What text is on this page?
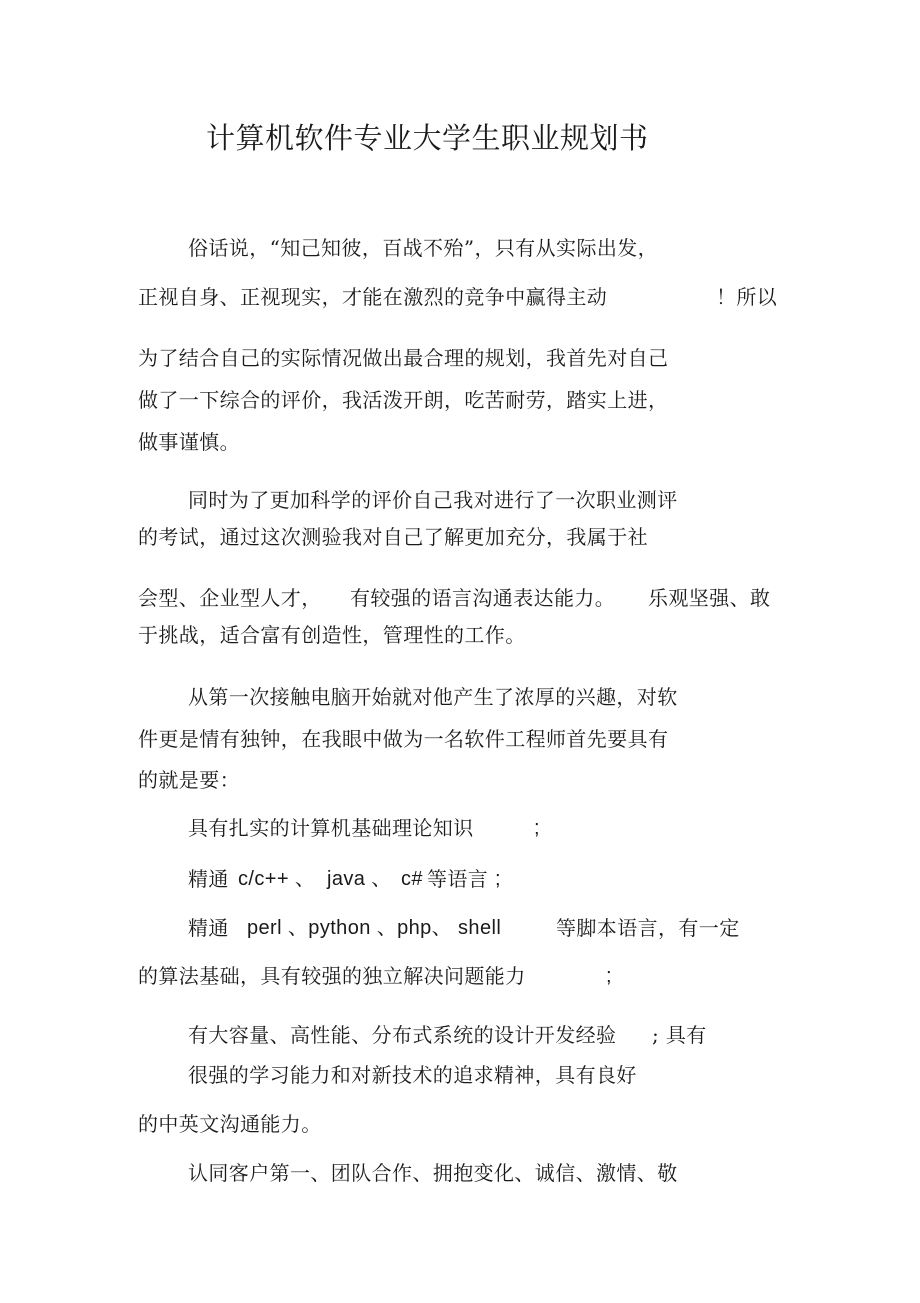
计算机软件专业大学生职业规划书
俗话说，“知己知彼，百战不殆”，只有从实际出发，
正视自身、正视现实，才能在激烈的竞争中赢得主动	！所以
为了结合自己的实际情况做出最合理的规划，我首先对自己
做了一下综合的评价，我活泼开朗，吃苦耐劳，踏实上进，
做事谨慎。
同时为了更加科学的评价自己我对进行了一次职业测评
的考试，通过这次测验我对自己了解更加充分，我属于社
会型、企业型人才， 有较强的语言沟通表达能力。 乐观坚强、敢
于挑战，适合富有创造性，管理性的工作。
从第一次接触电脑开始就对他产生了浓厚的兴趣，对软
件更是情有独钟，在我眼中做为一名软件工程师首先要具有
的就是要：
具有扎实的计算机基础理论知识	;
精通 c/c++ 、 java 、 c# 等语言 ;
精通 perl 、python 、php、 shell	等脚本语言，有一定
的算法基础，具有较强的独立解决问题能力	;
有大容量、高性能、分布式系统的设计开发经验 ; 具有
很强的学习能力和对新技术的追求精神，具有良好
的中英文沟通能力。
认同客户第一、团队合作、拥抱变化、诚信、激情、敬
